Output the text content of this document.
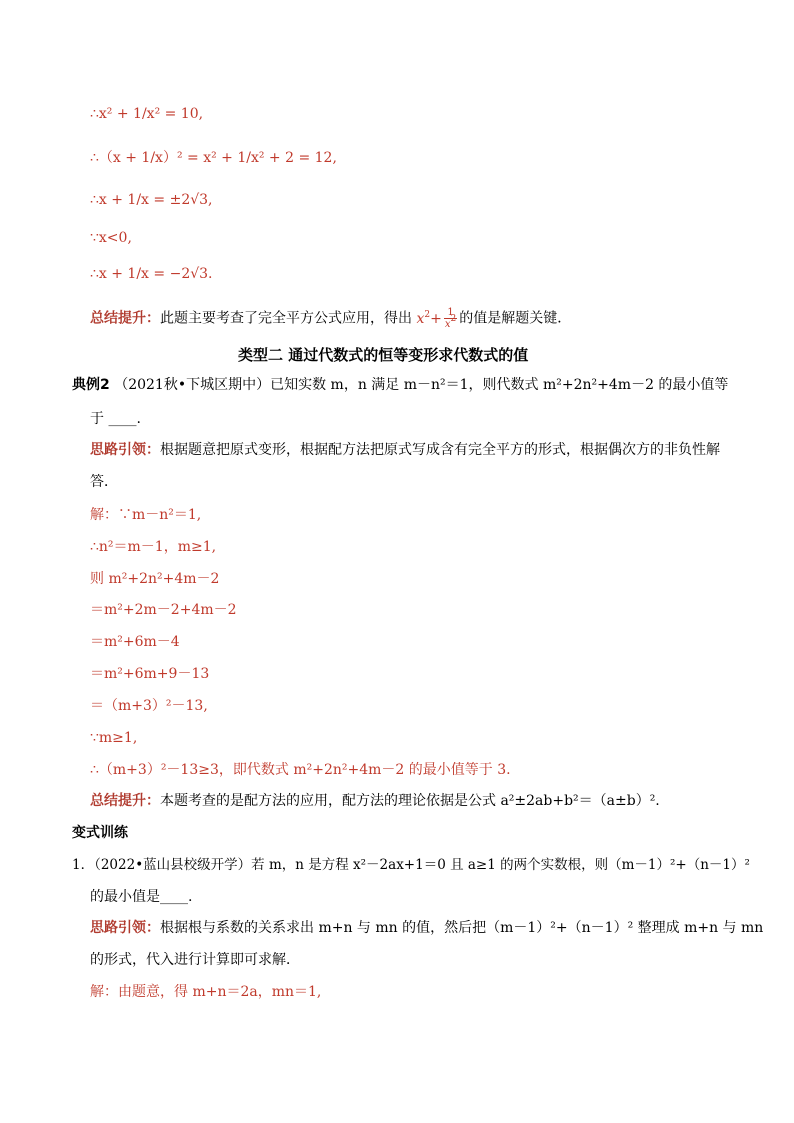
∴x² + 1/x² = 10,
∴（x + 1/x）² = x² + 1/x² + 2 = 12,
∴x + 1/x = ±2√3,
∵x<0,
∴x + 1/x = −2√3.
总结提升：此题主要考查了完全平方公式应用，得出 $x^2+ \frac{1}{x^2}$ 的值是解题关键．
类型二 通过代数式的恒等变形求代数式的值
典例2 （2021秋•下城区期中）已知实数 m，n 满足 m－n²＝1，则代数式 m²+2n²+4m－2 的最小值等
于 ____.
思路引领：根据题意把原式变形，根据配方法把原式写成含有完全平方的形式，根据偶次方的非负性解
答．
解：∵m－n²＝1,
∴n²＝m－1，m≥1,
则 m²+2n²+4m－2
＝m²+2m－2+4m－2
＝m²+6m－4
＝m²+6m+9－13
＝（m+3）²－13,
∵m≥1,
∴（m+3）²－13≥3，即代数式 m²+2n²+4m－2 的最小值等于 3.
总结提升：本题考查的是配方法的应用，配方法的理论依据是公式 a²±2ab+b²＝（a±b）².
变式训练
1．（2022•蓝山县校级开学）若 m，n 是方程 x²－2ax+1＝0 且 a≥1 的两个实数根，则（m－1）²+（n－1）²
的最小值是____.
思路引领：根据根与系数的关系求出 m+n 与 mn 的值，然后把（m－1）²+（n－1）² 整理成 m+n 与 mn
的形式，代入进行计算即可求解．
解：由题意，得 m+n＝2a，mn＝1,
